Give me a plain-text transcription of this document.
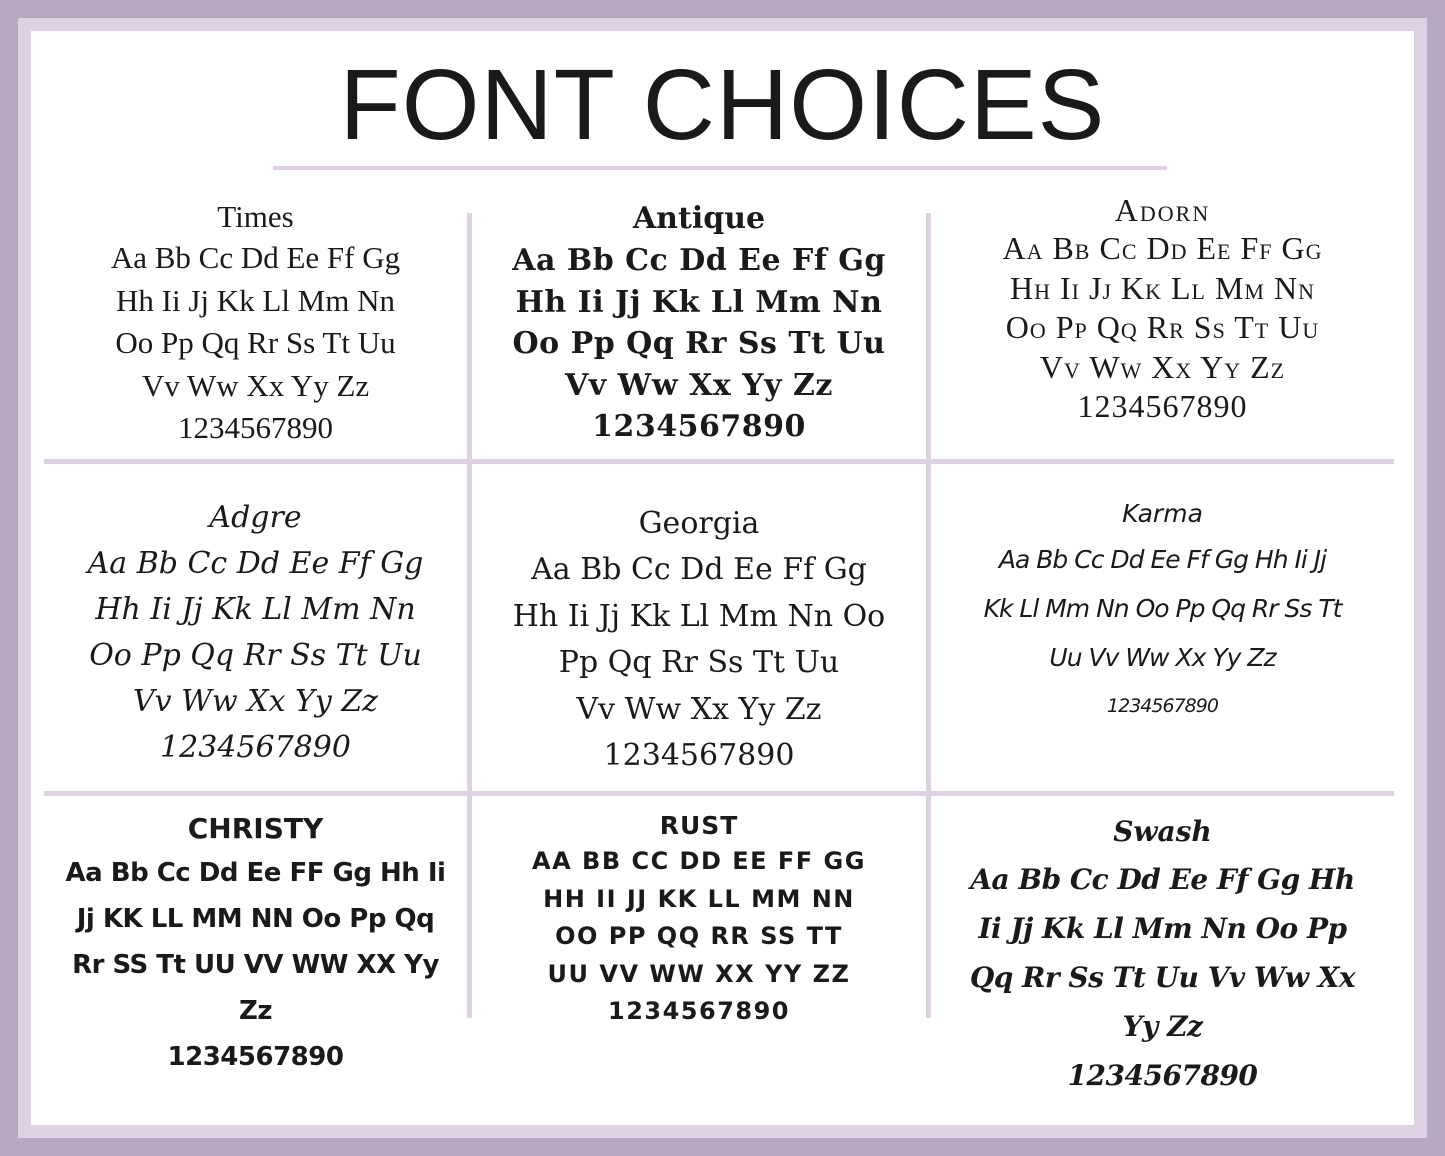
FONT CHOICES
Times
Aa Bb Cc Dd Ee Ff Gg
Hh Ii Jj Kk Ll Mm Nn
Oo Pp Qq Rr Ss Tt Uu
Vv Ww Xx Yy Zz
1234567890
Antique
Aa Bb Cc Dd Ee Ff Gg
Hh Ii Jj Kk Ll Mm Nn
Oo Pp Qq Rr Ss Tt Uu
Vv Ww Xx Yy Zz
1234567890
Adorn
Aa Bb Cc Dd Ee Ff Gg
Hh Ii Jj Kk Ll Mm Nn
Oo Pp Qq Rr Ss Tt Uu
Vv Ww Xx Yy Zz
1234567890
Adgre
Aa Bb Cc Dd Ee Ff Gg
Hh Ii Jj Kk Ll Mm Nn
Oo Pp Qq Rr Ss Tt Uu
Vv Ww Xx Yy Zz
1234567890
Georgia
Aa Bb Cc Dd Ee Ff Gg
Hh Ii Jj Kk Ll Mm Nn Oo
Pp Qq Rr Ss Tt Uu
Vv Ww Xx Yy Zz
1234567890
Karma
Aa Bb Cc Dd Ee Ff Gg Hh Ii Jj
Kk Ll Mm Nn Oo Pp Qq Rr Ss Tt
Uu Vv Ww Xx Yy Zz
1234567890
CHRISTY
Aa Bb Cc Dd Ee FF Gg Hh Ii
Jj KK LL MM NN Oo Pp Qq
Rr SS Tt UU VV WW XX Yy
Zz
1234567890
RUST
AA BB CC DD EE FF GG
HH II JJ KK LL MM NN
OO PP QQ RR SS TT
UU VV WW XX YY ZZ
1234567890
Swash
Aa Bb Cc Dd Ee Ff Gg Hh
Ii Jj Kk Ll Mm Nn Oo Pp
Qq Rr Ss Tt Uu Vv Ww Xx
Yy Zz
1234567890
